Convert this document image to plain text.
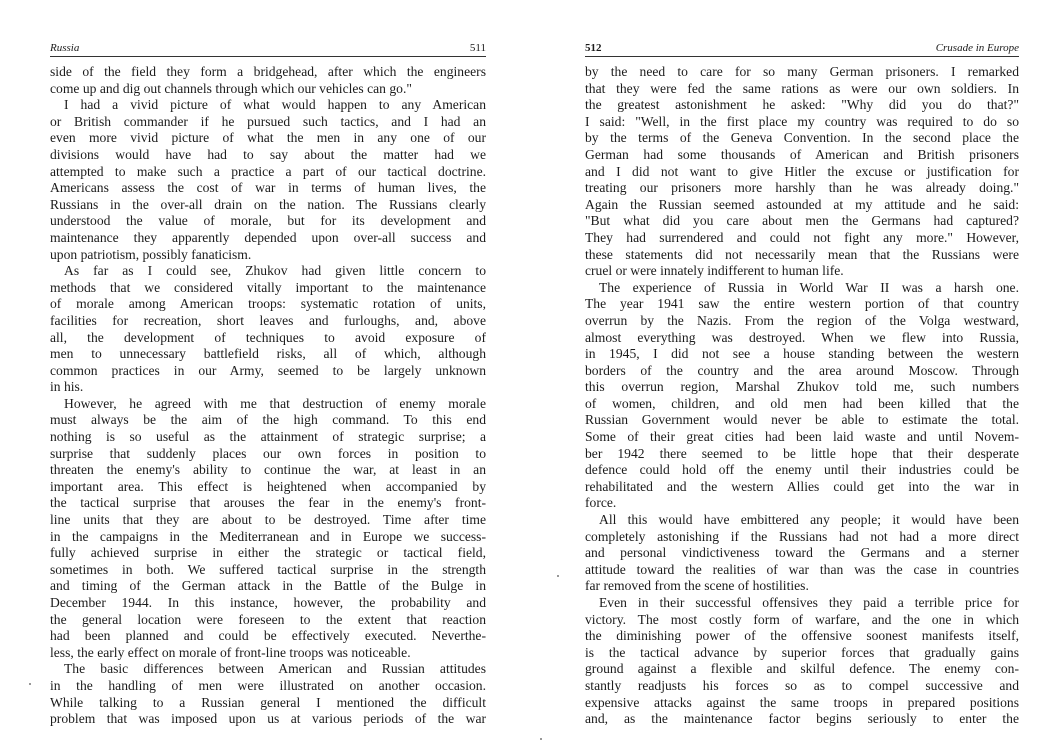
Russia	511
side of the field they form a bridgehead, after which the engineers
come up and dig out channels through which our vehicles can go."
I had a vivid picture of what would happen to any American
or British commander if he pursued such tactics, and I had an
even more vivid picture of what the men in any one of our
divisions would have had to say about the matter had we
attempted to make such a practice a part of our tactical doctrine.
Americans assess the cost of war in terms of human lives, the
Russians in the over-all drain on the nation. The Russians clearly
understood the value of morale, but for its development and
maintenance they apparently depended upon over-all success and
upon patriotism, possibly fanaticism.
As far as I could see, Zhukov had given little concern to
methods that we considered vitally important to the maintenance
of morale among American troops: systematic rotation of units,
facilities for recreation, short leaves and furloughs, and, above
all, the development of techniques to avoid exposure of
men to unnecessary battlefield risks, all of which, although
common practices in our Army, seemed to be largely unknown
in his.
However, he agreed with me that destruction of enemy morale
must always be the aim of the high command. To this end
nothing is so useful as the attainment of strategic surprise; a
surprise that suddenly places our own forces in position to
threaten the enemy's ability to continue the war, at least in an
important area. This effect is heightened when accompanied by
the tactical surprise that arouses the fear in the enemy's front-
line units that they are about to be destroyed. Time after time
in the campaigns in the Mediterranean and in Europe we success-
fully achieved surprise in either the strategic or tactical field,
sometimes in both. We suffered tactical surprise in the strength
and timing of the German attack in the Battle of the Bulge in
December 1944. In this instance, however, the probability and
the general location were foreseen to the extent that reaction
had been planned and could be effectively executed. Neverthe-
less, the early effect on morale of front-line troops was noticeable.
The basic differences between American and Russian attitudes
in the handling of men were illustrated on another occasion.
While talking to a Russian general I mentioned the difficult
problem that was imposed upon us at various periods of the war
512	Crusade in Europe
by the need to care for so many German prisoners. I remarked
that they were fed the same rations as were our own soldiers. In
the greatest astonishment he asked: "Why did you do that?"
I said: "Well, in the first place my country was required to do so
by the terms of the Geneva Convention. In the second place the
German had some thousands of American and British prisoners
and I did not want to give Hitler the excuse or justification for
treating our prisoners more harshly than he was already doing."
Again the Russian seemed astounded at my attitude and he said:
"But what did you care about men the Germans had captured?
They had surrendered and could not fight any more." However,
these statements did not necessarily mean that the Russians were
cruel or were innately indifferent to human life.
The experience of Russia in World War II was a harsh one.
The year 1941 saw the entire western portion of that country
overrun by the Nazis. From the region of the Volga westward,
almost everything was destroyed. When we flew into Russia,
in 1945, I did not see a house standing between the western
borders of the country and the area around Moscow. Through
this overrun region, Marshal Zhukov told me, such numbers
of women, children, and old men had been killed that the
Russian Government would never be able to estimate the total.
Some of their great cities had been laid waste and until Novem-
ber 1942 there seemed to be little hope that their desperate
defence could hold off the enemy until their industries could be
rehabilitated and the western Allies could get into the war in
force.
All this would have embittered any people; it would have been
completely astonishing if the Russians had not had a more direct
and personal vindictiveness toward the Germans and a sterner
attitude toward the realities of war than was the case in countries
far removed from the scene of hostilities.
Even in their successful offensives they paid a terrible price for
victory. The most costly form of warfare, and the one in which
the diminishing power of the offensive soonest manifests itself,
is the tactical advance by superior forces that gradually gains
ground against a flexible and skilful defence. The enemy con-
stantly readjusts his forces so as to compel successive and
expensive attacks against the same troops in prepared positions
and, as the maintenance factor begins seriously to enter the
